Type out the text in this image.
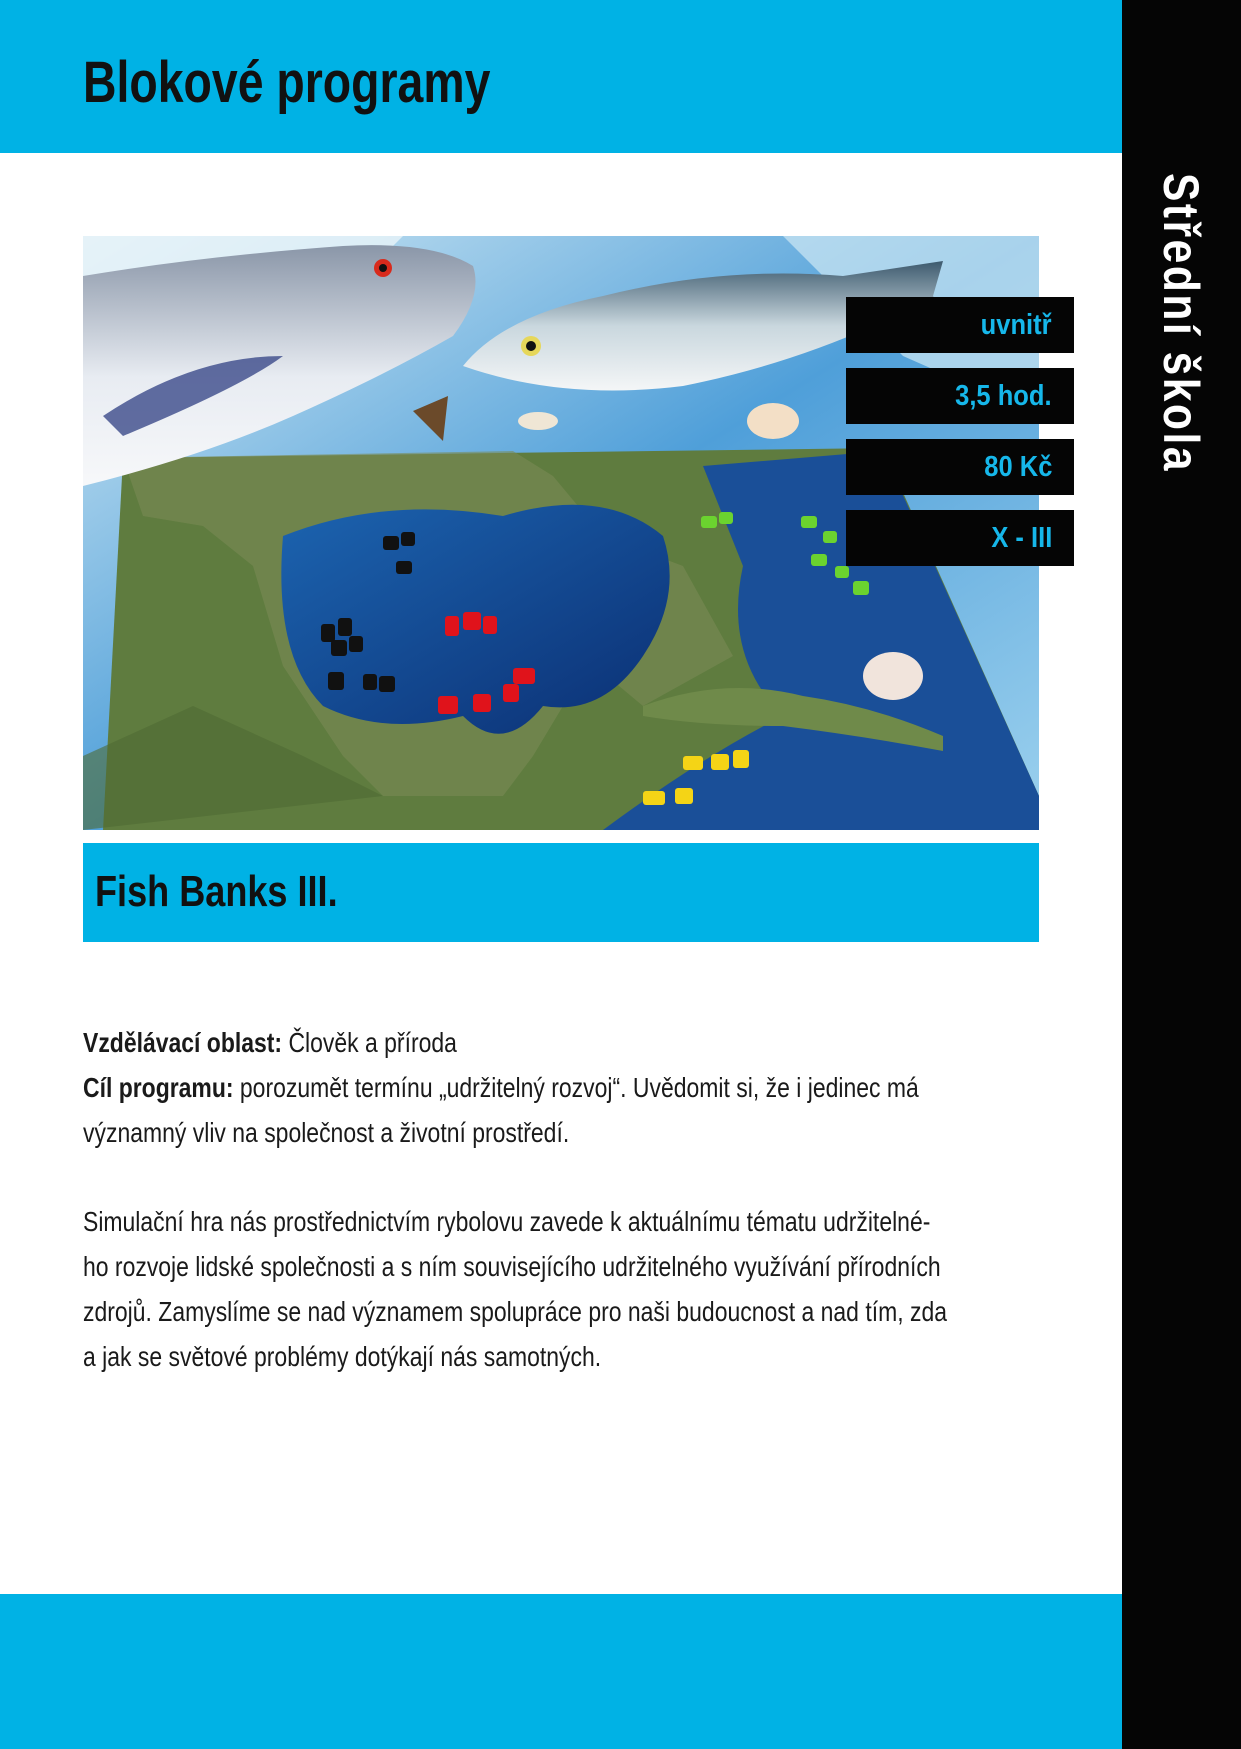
Blokové programy
Střední škola
uvnitř
3,5 hod.
80 Kč
X - III
Fish Banks III.
Vzdělávací oblast: Člověk a příroda
Cíl programu: porozumět termínu „udržitelný rozvoj“. Uvědomit si, že i jedinec má
významný vliv na společnost a životní prostředí.
Simulační hra nás prostřednictvím rybolovu zavede k aktuálnímu tématu udržitelné-
ho rozvoje lidské společnosti a s ním souvisejícího udržitelného využívání přírodních
zdrojů. Zamyslíme se nad významem spolupráce pro naši budoucnost a nad tím, zda
a jak se světové problémy dotýkají nás samotných.
